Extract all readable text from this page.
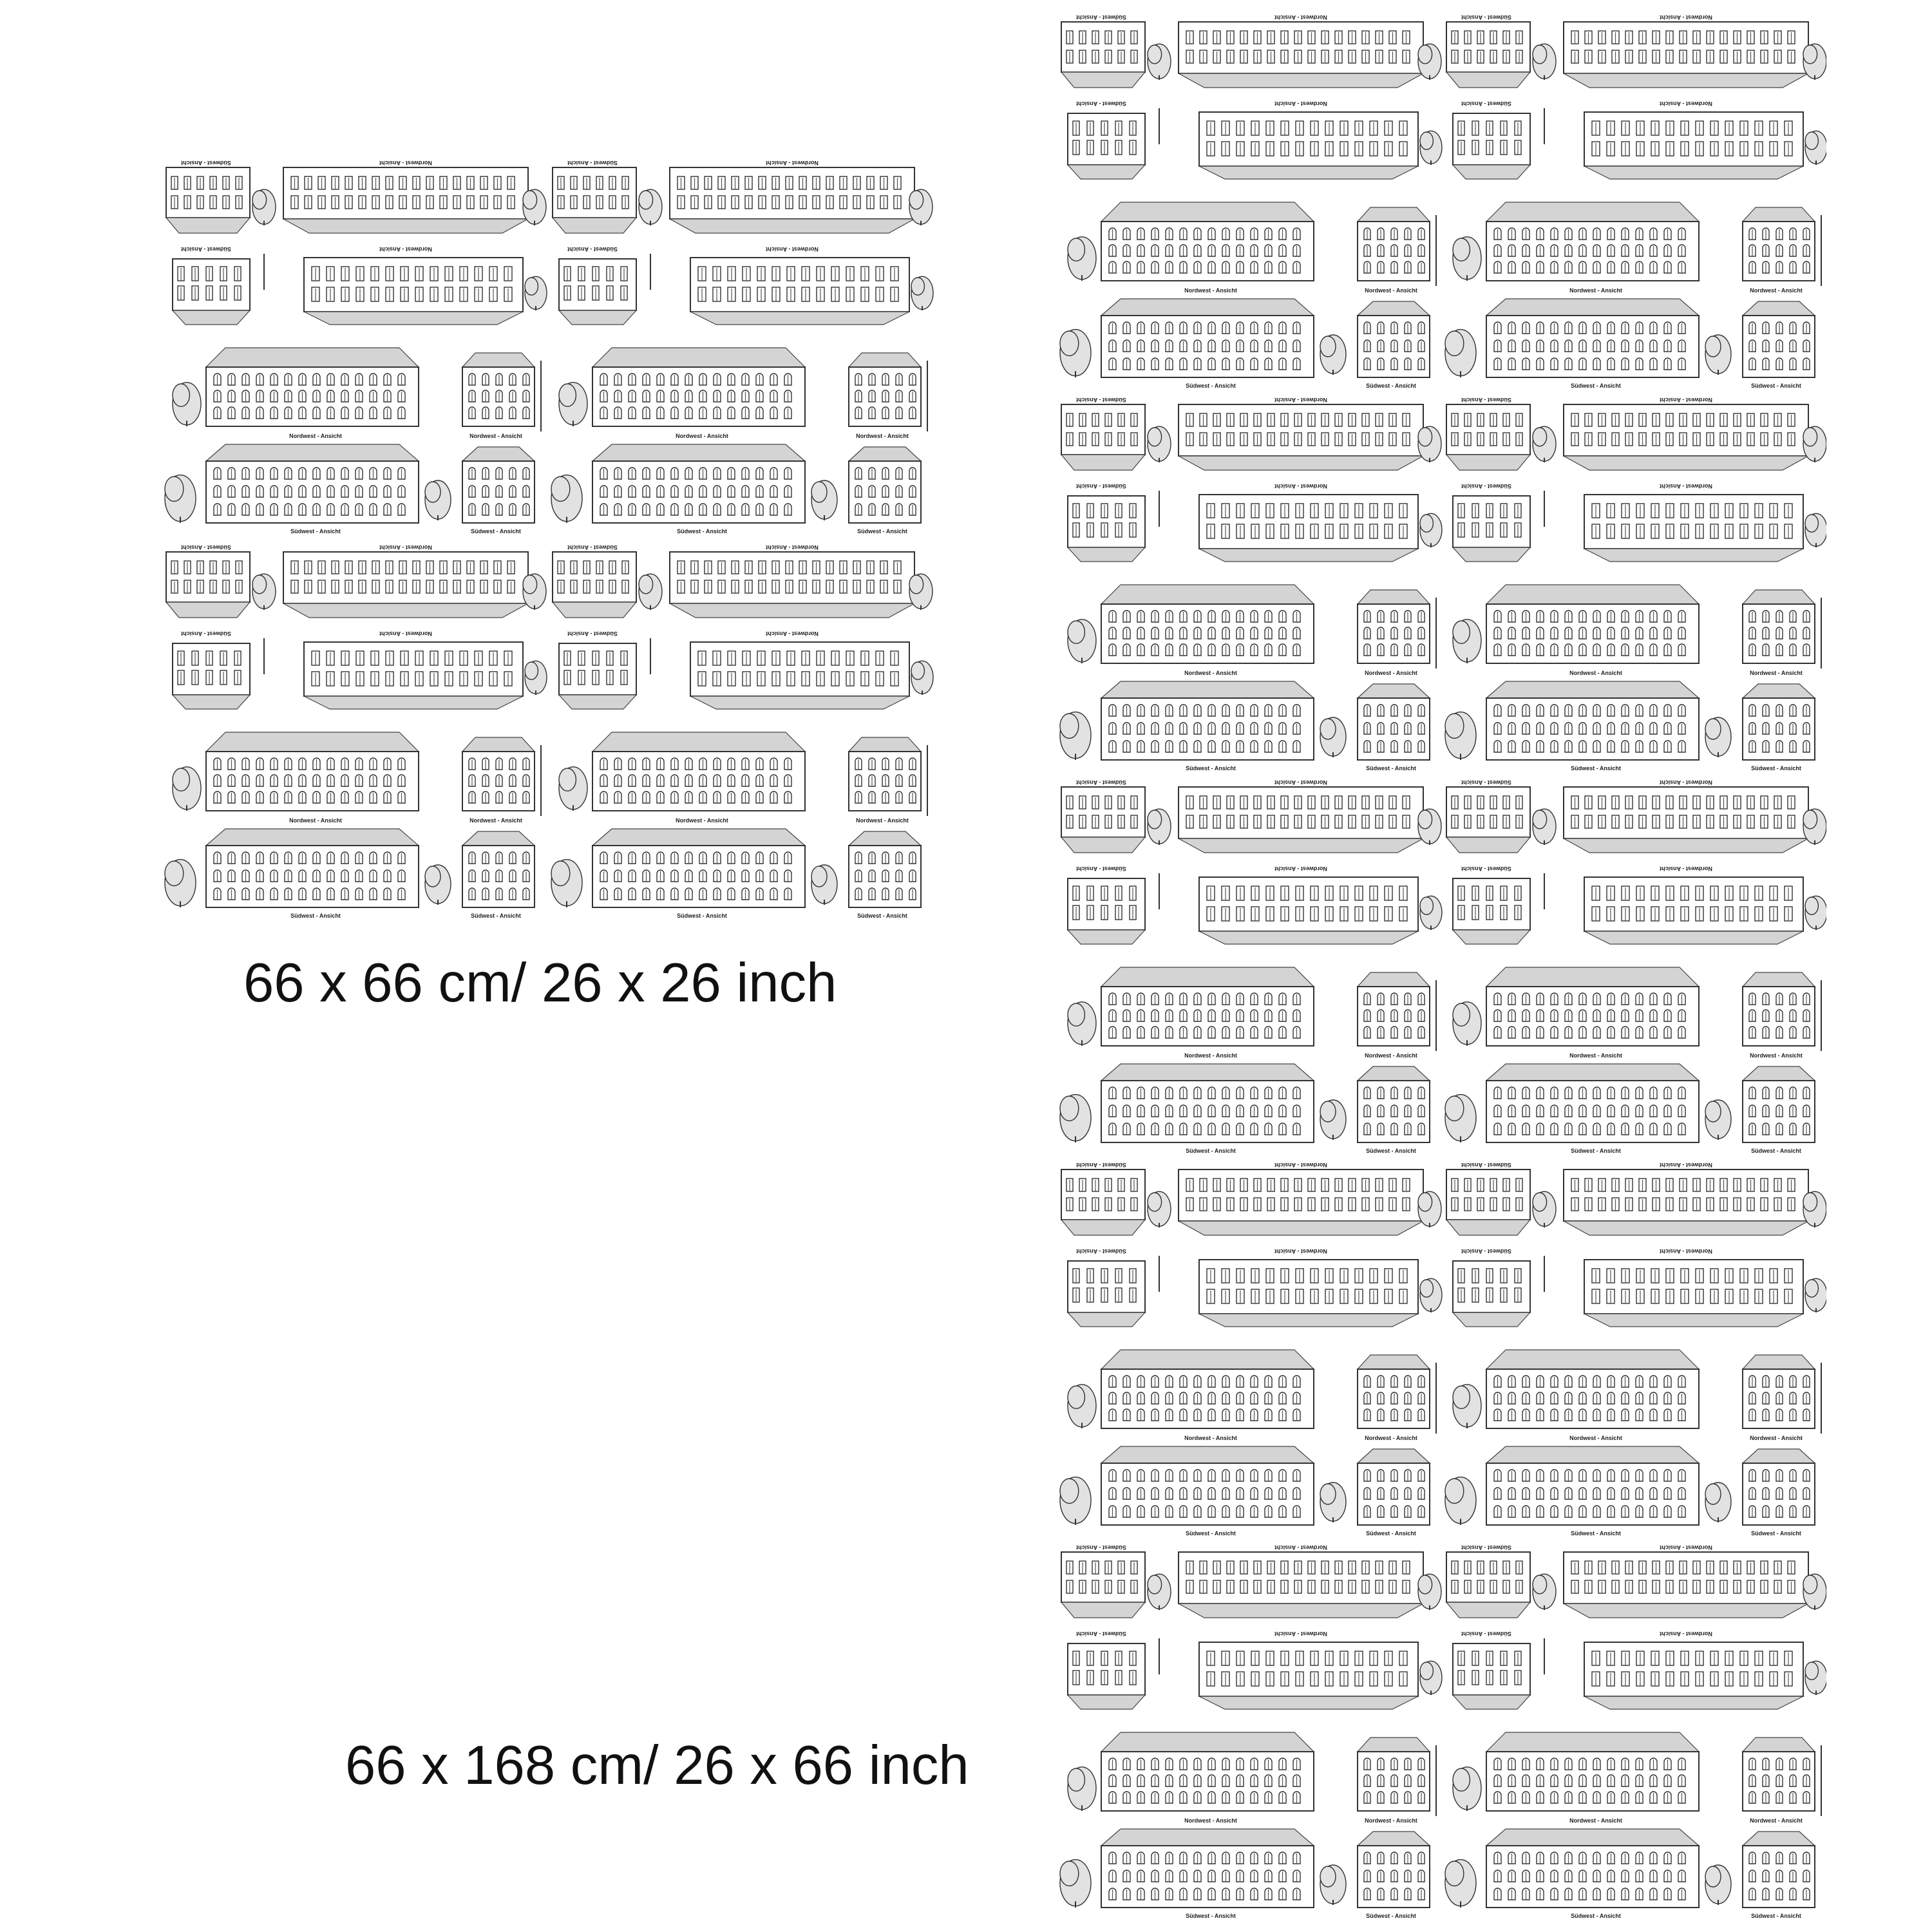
Südwest - Ansicht	Nordwest - Ansicht
Südwest - Ansicht	Nordwest - Ansicht
Nordwest - Ansicht	Nordwest - Ansicht
Südwest - Ansicht	Südwest - Ansicht
Südwest - Ansicht	Nordwest - Ansicht
Südwest - Ansicht	Nordwest - Ansicht
Nordwest - Ansicht	Nordwest - Ansicht
Südwest - Ansicht	Südwest - Ansicht
Südwest - Ansicht	Nordwest - Ansicht
Südwest - Ansicht	Nordwest - Ansicht
Nordwest - Ansicht	Nordwest - Ansicht
Südwest - Ansicht	Südwest - Ansicht
Südwest - Ansicht	Nordwest - Ansicht
Südwest - Ansicht	Nordwest - Ansicht
Nordwest - Ansicht	Nordwest - Ansicht
Südwest - Ansicht	Südwest - Ansicht
66 x 66 cm/ 26 x 26 inch
Südwest - Ansicht	Nordwest - Ansicht
Südwest - Ansicht	Nordwest - Ansicht
Nordwest - Ansicht	Nordwest - Ansicht
Südwest - Ansicht	Südwest - Ansicht
Südwest - Ansicht	Nordwest - Ansicht
Südwest - Ansicht	Nordwest - Ansicht
Nordwest - Ansicht	Nordwest - Ansicht
Südwest - Ansicht	Südwest - Ansicht
Südwest - Ansicht	Nordwest - Ansicht
Südwest - Ansicht	Nordwest - Ansicht
Nordwest - Ansicht	Nordwest - Ansicht
Südwest - Ansicht	Südwest - Ansicht
Südwest - Ansicht	Nordwest - Ansicht
Südwest - Ansicht	Nordwest - Ansicht
Nordwest - Ansicht	Nordwest - Ansicht
Südwest - Ansicht	Südwest - Ansicht
Südwest - Ansicht	Nordwest - Ansicht
Südwest - Ansicht	Nordwest - Ansicht
Nordwest - Ansicht	Nordwest - Ansicht
Südwest - Ansicht	Südwest - Ansicht
Südwest - Ansicht	Nordwest - Ansicht
Südwest - Ansicht	Nordwest - Ansicht
Nordwest - Ansicht	Nordwest - Ansicht
Südwest - Ansicht	Südwest - Ansicht
Südwest - Ansicht	Nordwest - Ansicht
Südwest - Ansicht	Nordwest - Ansicht
Nordwest - Ansicht	Nordwest - Ansicht
Südwest - Ansicht	Südwest - Ansicht
Südwest - Ansicht	Nordwest - Ansicht
Südwest - Ansicht	Nordwest - Ansicht
Nordwest - Ansicht	Nordwest - Ansicht
Südwest - Ansicht	Südwest - Ansicht
Südwest - Ansicht	Nordwest - Ansicht
Südwest - Ansicht	Nordwest - Ansicht
Nordwest - Ansicht	Nordwest - Ansicht
Südwest - Ansicht	Südwest - Ansicht
Südwest - Ansicht	Nordwest - Ansicht
Südwest - Ansicht	Nordwest - Ansicht
Nordwest - Ansicht	Nordwest - Ansicht
Südwest - Ansicht	Südwest - Ansicht
66 x 168 cm/ 26 x 66 inch
